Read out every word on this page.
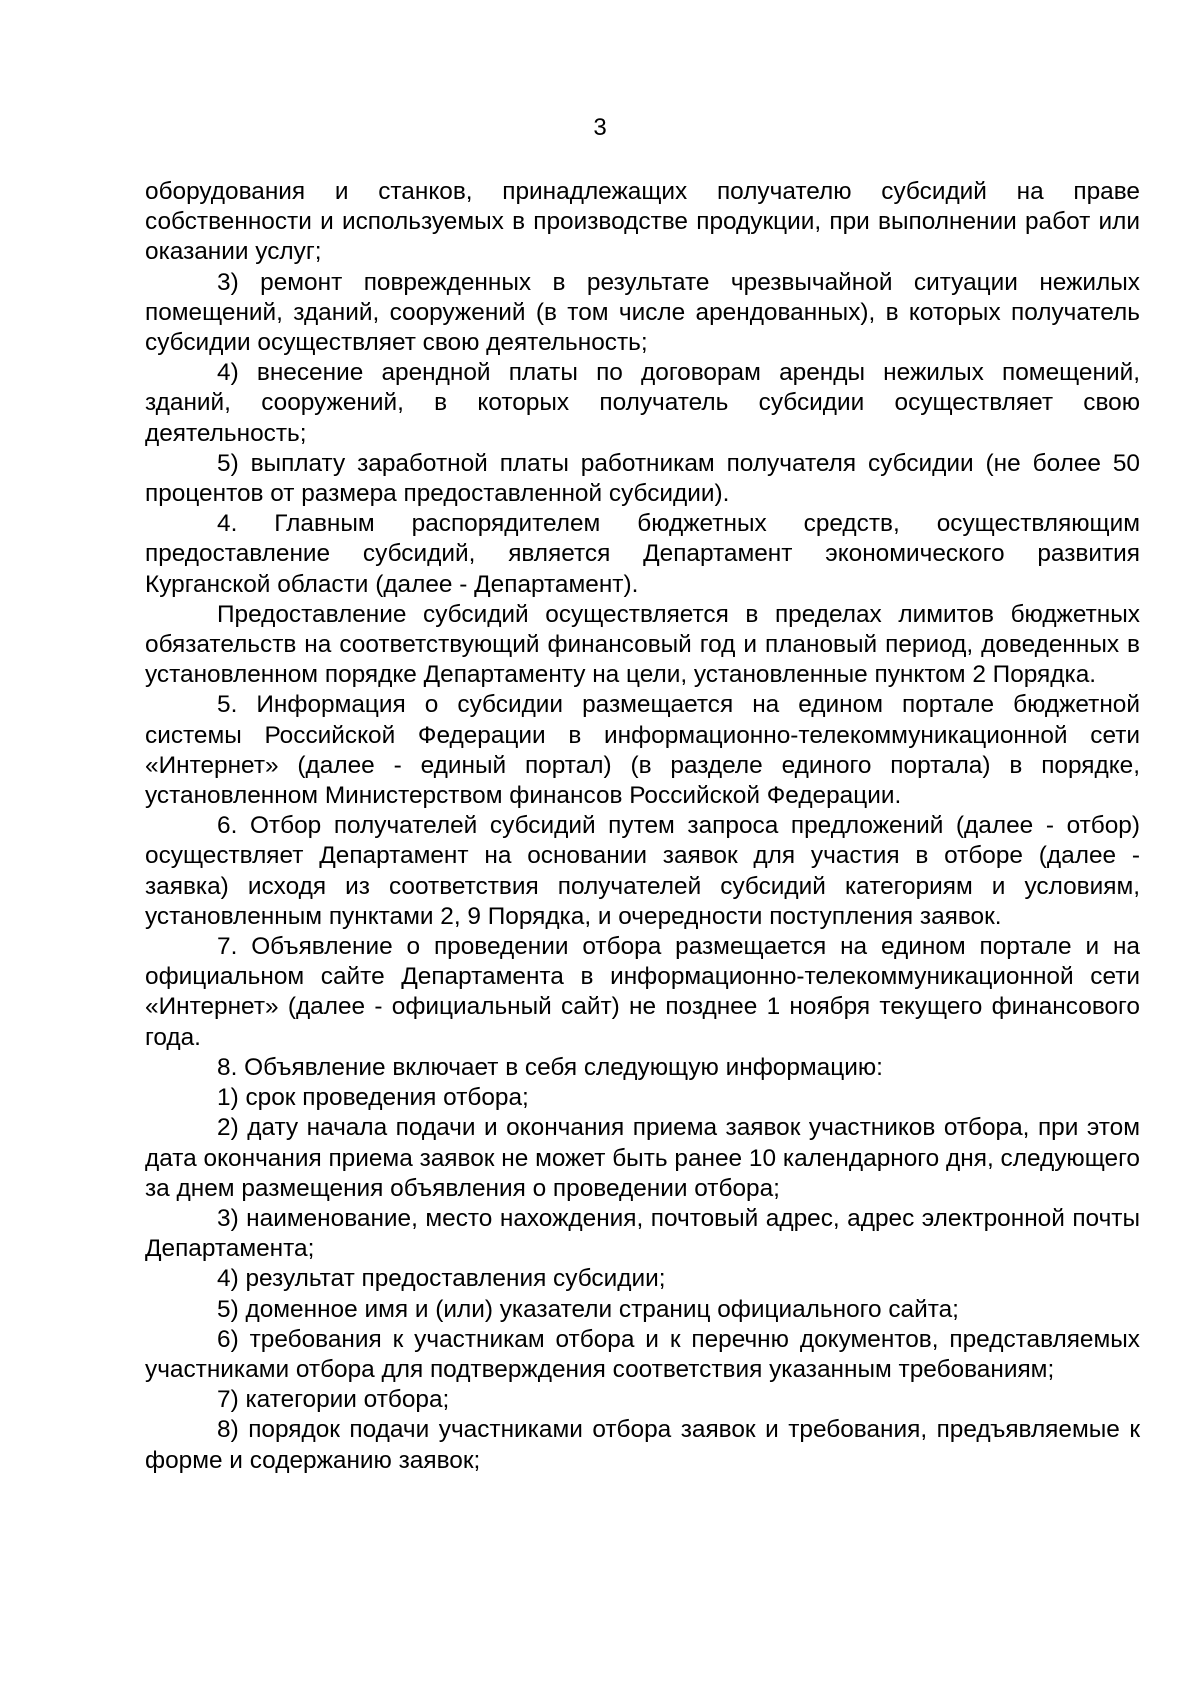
3

оборудования и станков, принадлежащих получателю субсидий на праве собственности и используемых в производстве продукции, при выполнении работ или оказании услуг;

3) ремонт поврежденных в результате чрезвычайной ситуации нежилых помещений, зданий, сооружений (в том числе арендованных), в которых получатель субсидии осуществляет свою деятельность;

4) внесение арендной платы по договорам аренды нежилых помещений, зданий, сооружений, в которых получатель субсидии осуществляет свою деятельность;

5) выплату заработной платы работникам получателя субсидии (не более 50 процентов от размера предоставленной субсидии).

4. Главным распорядителем бюджетных средств, осуществляющим предоставление субсидий, является Департамент экономического развития Курганской области (далее - Департамент).

Предоставление субсидий осуществляется в пределах лимитов бюджетных обязательств на соответствующий финансовый год и плановый период, доведенных в установленном порядке Департаменту на цели, установленные пунктом 2 Порядка.

5. Информация о субсидии размещается на едином портале бюджетной системы Российской Федерации в информационно-телекоммуникационной сети «Интернет» (далее - единый портал) (в разделе единого портала) в порядке, установленном Министерством финансов Российской Федерации.

6. Отбор получателей субсидий путем запроса предложений (далее - отбор) осуществляет Департамент на основании заявок для участия в отборе (далее - заявка) исходя из соответствия получателей субсидий категориям и условиям, установленным пунктами 2, 9 Порядка, и очередности поступления заявок.

7. Объявление о проведении отбора размещается на едином портале и на официальном сайте Департамента в информационно-телекоммуникационной сети «Интернет» (далее - официальный сайт) не позднее 1 ноября текущего финансового года.

8. Объявление включает в себя следующую информацию:

1) срок проведения отбора;

2) дату начала подачи и окончания приема заявок участников отбора, при этом дата окончания приема заявок не может быть ранее 10 календарного дня, следующего за днем размещения объявления о проведении отбора;

3) наименование, место нахождения, почтовый адрес, адрес электронной почты Департамента;

4) результат предоставления субсидии;

5) доменное имя и (или) указатели страниц официального сайта;

6) требования к участникам отбора и к перечню документов, представляемых участниками отбора для подтверждения соответствия указанным требованиям;

7) категории отбора;

8) порядок подачи участниками отбора заявок и требования, предъявляемые к форме и содержанию заявок;
